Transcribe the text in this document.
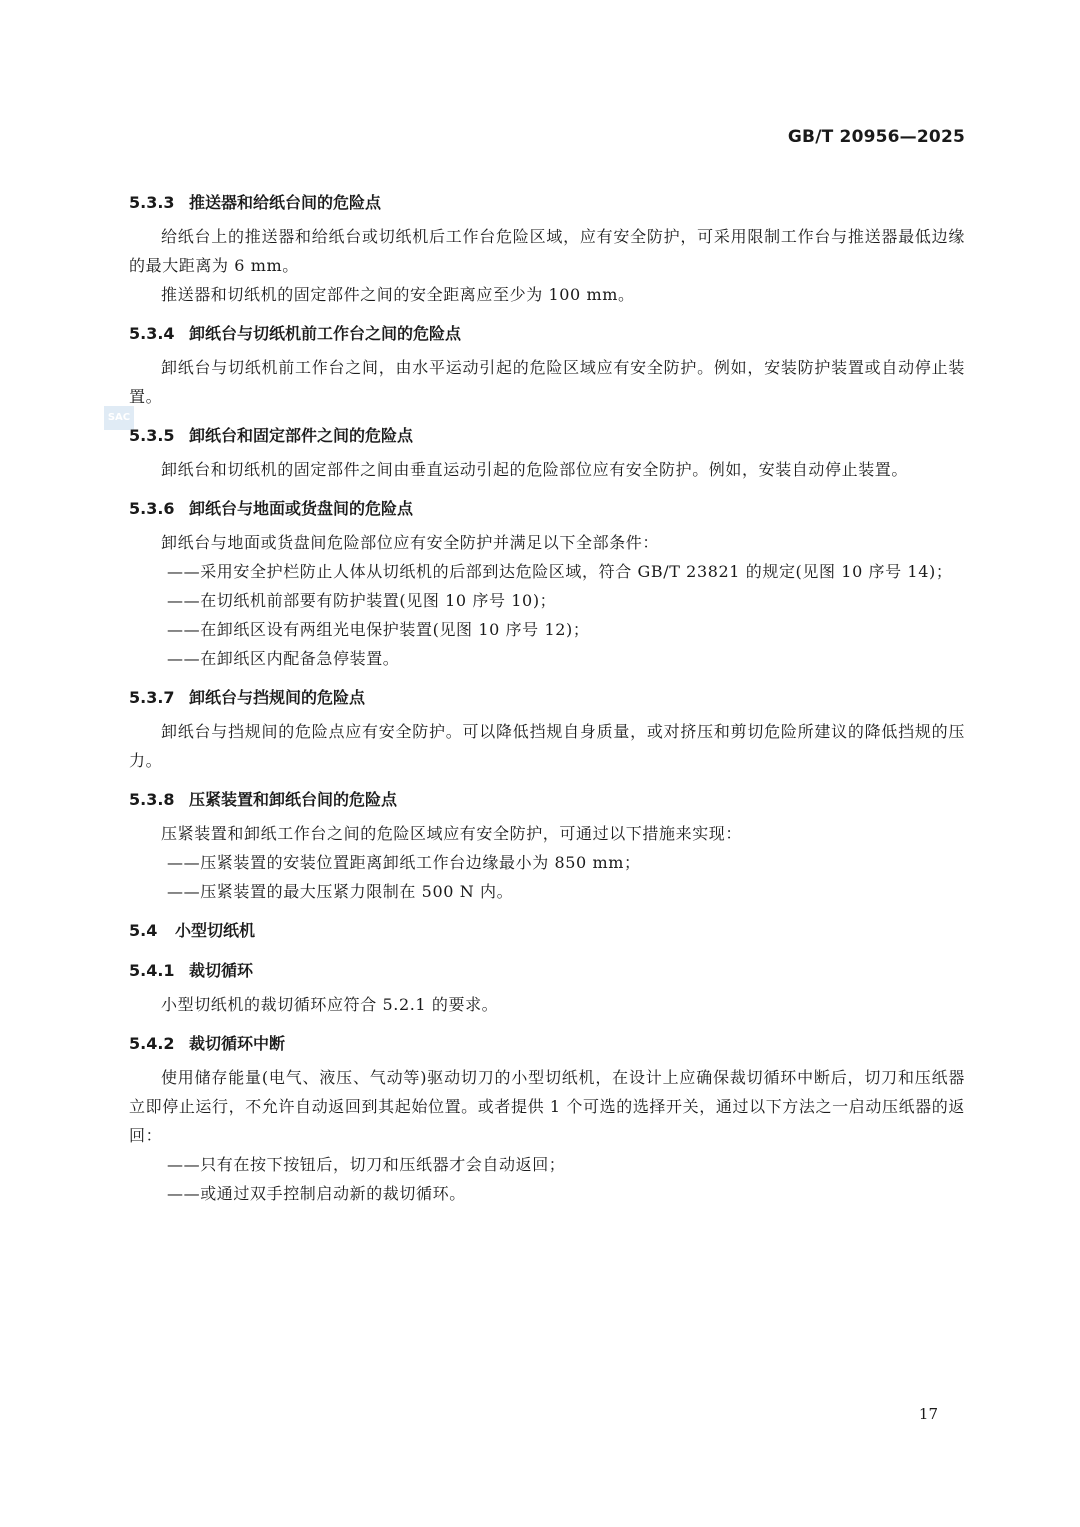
GB/T 20956—2025
SAC
5.3.3 推送器和给纸台间的危险点
给纸台上的推送器和给纸台或切纸机后工作台危险区域，应有安全防护，可采用限制工作台与推送器最低边缘的最大距离为 6 mm。
推送器和切纸机的固定部件之间的安全距离应至少为 100 mm。
5.3.4 卸纸台与切纸机前工作台之间的危险点
卸纸台与切纸机前工作台之间，由水平运动引起的危险区域应有安全防护。例如，安装防护装置或自动停止装置。
5.3.5 卸纸台和固定部件之间的危险点
卸纸台和切纸机的固定部件之间由垂直运动引起的危险部位应有安全防护。例如，安装自动停止装置。
5.3.6 卸纸台与地面或货盘间的危险点
卸纸台与地面或货盘间危险部位应有安全防护并满足以下全部条件：
——采用安全护栏防止人体从切纸机的后部到达危险区域，符合 GB/T 23821 的规定(见图 10 序号 14)；
——在切纸机前部要有防护装置(见图 10 序号 10)；
——在卸纸区设有两组光电保护装置(见图 10 序号 12)；
——在卸纸区内配备急停装置。
5.3.7 卸纸台与挡规间的危险点
卸纸台与挡规间的危险点应有安全防护。可以降低挡规自身质量，或对挤压和剪切危险所建议的降低挡规的压力。
5.3.8 压紧装置和卸纸台间的危险点
压紧装置和卸纸工作台之间的危险区域应有安全防护，可通过以下措施来实现：
——压紧装置的安装位置距离卸纸工作台边缘最小为 850 mm；
——压紧装置的最大压紧力限制在 500 N 内。
5.4 小型切纸机
5.4.1 裁切循环
小型切纸机的裁切循环应符合 5.2.1 的要求。
5.4.2 裁切循环中断
使用储存能量(电气、液压、气动等)驱动切刀的小型切纸机，在设计上应确保裁切循环中断后，切刀和压纸器立即停止运行，不允许自动返回到其起始位置。或者提供 1 个可选的选择开关，通过以下方法之一启动压纸器的返回：
——只有在按下按钮后，切刀和压纸器才会自动返回；
——或通过双手控制启动新的裁切循环。
17
